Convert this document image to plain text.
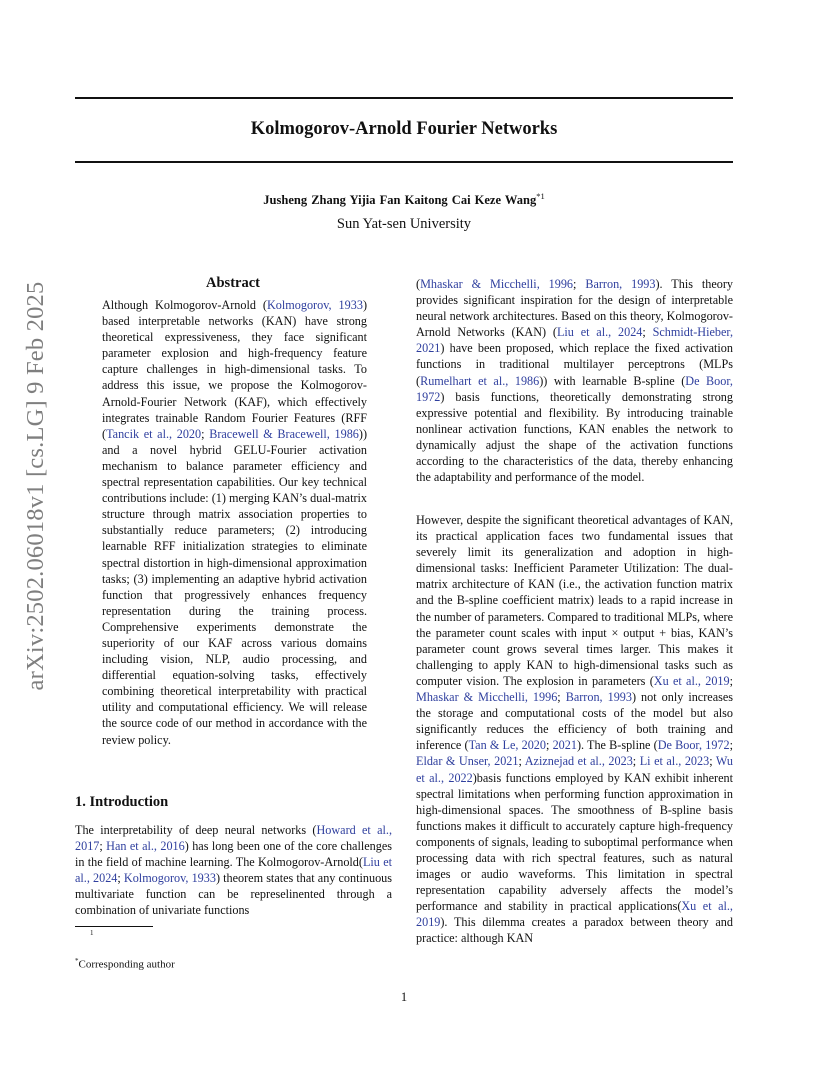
arXiv:2502.06018v1 [cs.LG] 9 Feb 2025
Kolmogorov-Arnold Fourier Networks
Jusheng Zhang Yijia Fan Kaitong Cai Keze Wang$^{*1}$
Sun Yat-sen University
Abstract
Although Kolmogorov-Arnold (Kolmogorov, 1933) based interpretable networks (KAN) have strong theoretical expressiveness, they face significant parameter explosion and high-frequency feature capture challenges in high-dimensional tasks. To address this issue, we propose the Kolmogorov-Arnold-Fourier Network (KAF), which effectively integrates trainable Random Fourier Features (RFF (Tancik et al., 2020; Bracewell & Bracewell, 1986)) and a novel hybrid GELU-Fourier activation mechanism to balance parameter efficiency and spectral representation capabilities. Our key technical contributions include: (1) merging KAN’s dual-matrix structure through matrix association properties to substantially reduce parameters; (2) introducing learnable RFF initialization strategies to eliminate spectral distortion in high-dimensional approximation tasks; (3) implementing an adaptive hybrid activation function that progressively enhances frequency representation during the training process. Comprehensive experiments demonstrate the superiority of our KAF across various domains including vision, NLP, audio processing, and differential equation-solving tasks, effectively combining theoretical interpretability with practical utility and computational efficiency. We will release the source code of our method in accordance with the review policy.
1. Introduction
The interpretability of deep neural networks (Howard et al., 2017; Han et al., 2016) has long been one of the core challenges in the field of machine learning. The Kolmogorov-Arnold(Liu et al., 2024; Kolmogorov, 1933) theorem states that any continuous multivariate function can be represelinented through a combination of univariate functions
(Mhaskar & Micchelli, 1996; Barron, 1993). This theory provides significant inspiration for the design of interpretable neural network architectures. Based on this theory, Kolmogorov-Arnold Networks (KAN) (Liu et al., 2024; Schmidt-Hieber, 2021) have been proposed, which replace the fixed activation functions in traditional multilayer perceptrons (MLPs (Rumelhart et al., 1986)) with learnable B-spline (De Boor, 1972) basis functions, theoretically demonstrating strong expressive potential and flexibility. By introducing trainable nonlinear activation functions, KAN enables the network to dynamically adjust the shape of the activation functions according to the characteristics of the data, thereby enhancing the adaptability and performance of the model.
However, despite the significant theoretical advantages of KAN, its practical application faces two fundamental issues that severely limit its generalization and adoption in high-dimensional tasks: Inefficient Parameter Utilization: The dual-matrix architecture of KAN (i.e., the activation function matrix and the B-spline coefficient matrix) leads to a rapid increase in the number of parameters. Compared to traditional MLPs, where the parameter count scales with input × output + bias, KAN’s parameter count grows several times larger. This makes it challenging to apply KAN to high-dimensional tasks such as computer vision. The explosion in parameters (Xu et al., 2019; Mhaskar & Micchelli, 1996; Barron, 1993) not only increases the storage and computational costs of the model but also significantly reduces the efficiency of both training and inference (Tan & Le, 2020; 2021). The B-spline (De Boor, 1972; Eldar & Unser, 2021; Aziznejad et al., 2023; Li et al., 2023; Wu et al., 2022)basis functions employed by KAN exhibit inherent spectral limitations when performing function approximation in high-dimensional spaces. The smoothness of B-spline basis functions makes it difficult to accurately capture high-frequency components of signals, leading to suboptimal performance when processing data with rich spectral features, such as natural images or audio waveforms. This limitation in spectral representation capability adversely affects the model’s performance and stability in practical applications(Xu et al., 2019). This dilemma creates a paradox between theory and practice: although KAN
1
*Corresponding author
1
